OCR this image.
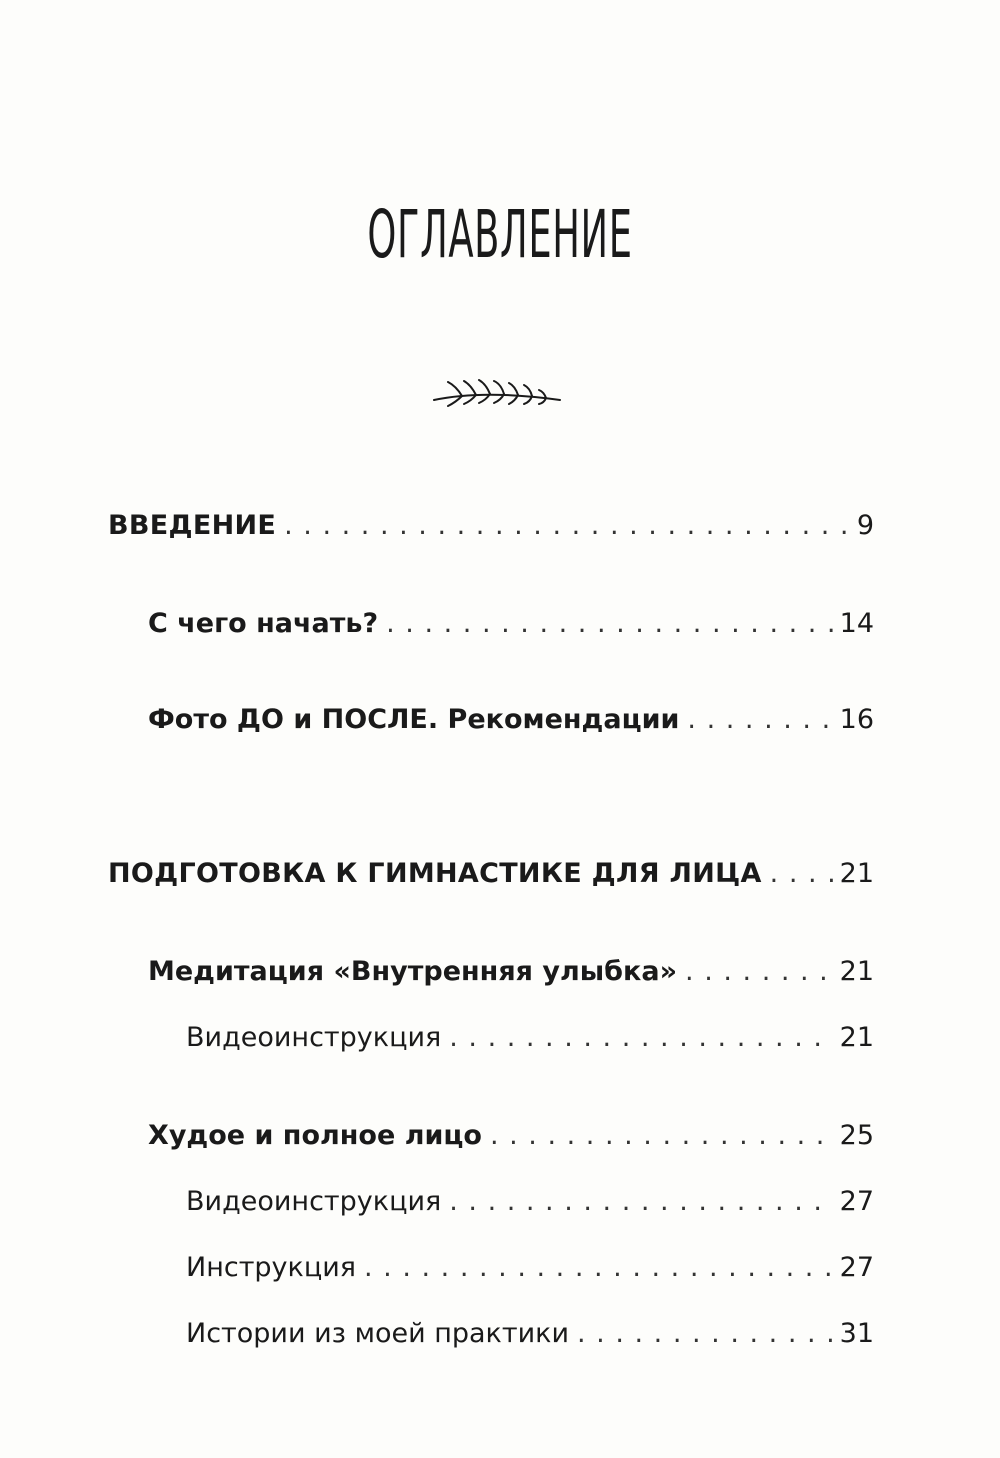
ОГЛАВЛЕНИЕ
ВВЕДЕНИЕ . . .	9
С чего начать? . . .	14
Фото ДО и ПОСЛЕ. Рекомендации . . .	16
ПОДГОТОВКА К ГИМНАСТИКЕ ДЛЯ ЛИЦА . . .	21
Медитация «Внутренняя улыбка» . . .	21
Видеоинструкция . . .	21
Худое и полное лицо . . .	25
Видеоинструкция . . .	27
Инструкция . . .	27
Истории из моей практики . . .	31
